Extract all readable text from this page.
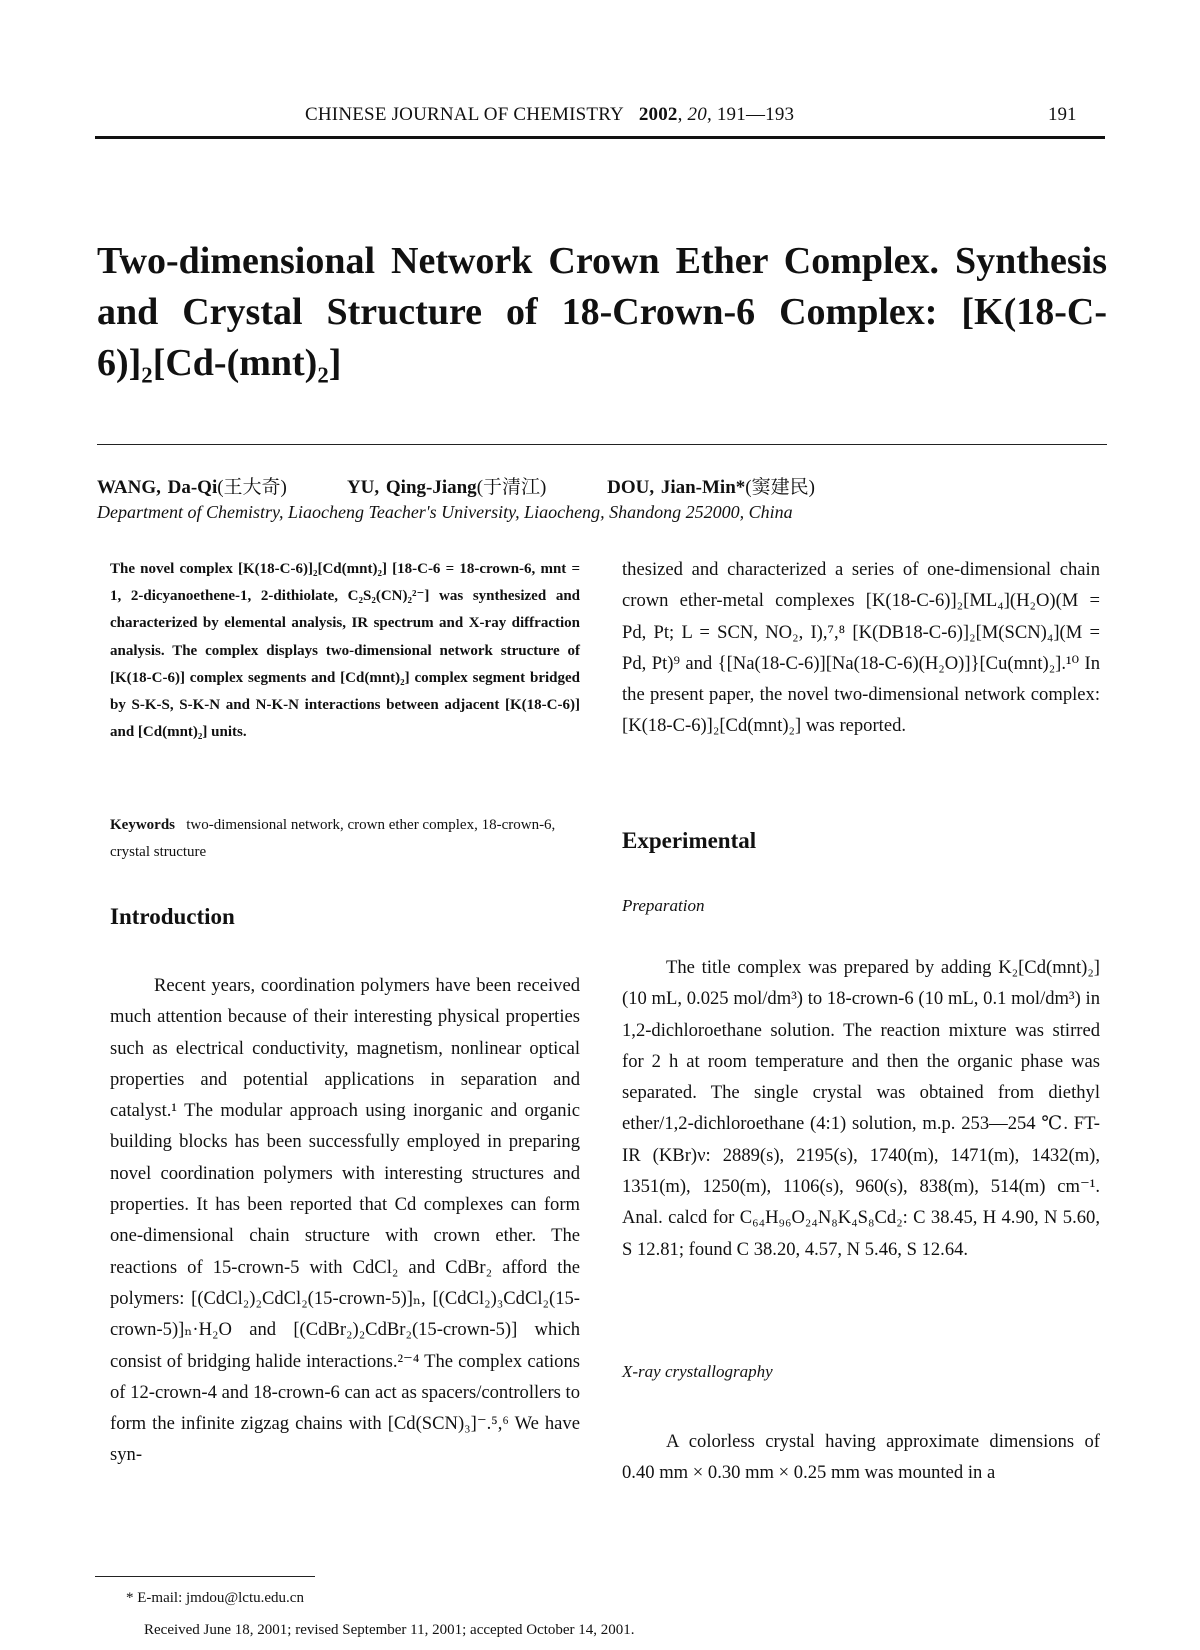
CHINESE JOURNAL OF CHEMISTRY 2002, 20, 191—193	191
Two-dimensional Network Crown Ether Complex. Synthesis and Crystal Structure of 18-Crown-6 Complex: [K(18-C-6)]₂[Cd-(mnt)₂]
WANG, Da-Qi(王大奇)	YU, Qing-Jiang(于清江)	DOU, Jian-Min*(窦建民)
Department of Chemistry, Liaocheng Teacher's University, Liaocheng, Shandong 252000, China
The novel complex [K(18-C-6)]₂[Cd(mnt)₂] [18-C-6 = 18-crown-6, mnt = 1, 2-dicyanoethene-1, 2-dithiolate, C₂S₂(CN)₂²⁻] was synthesized and characterized by elemental analysis, IR spectrum and X-ray diffraction analysis. The complex displays two-dimensional network structure of [K(18-C-6)] complex segments and [Cd(mnt)₂] complex segment bridged by S-K-S, S-K-N and N-K-N interactions between adjacent [K(18-C-6)] and [Cd(mnt)₂] units.
Keywords two-dimensional network, crown ether complex, 18-crown-6, crystal structure
Introduction
Recent years, coordination polymers have been received much attention because of their interesting physical properties such as electrical conductivity, magnetism, nonlinear optical properties and potential applications in separation and catalyst.¹ The modular approach using inorganic and organic building blocks has been successfully employed in preparing novel coordination polymers with interesting structures and properties. It has been reported that Cd complexes can form one-dimensional chain structure with crown ether. The reactions of 15-crown-5 with CdCl₂ and CdBr₂ afford the polymers: [(CdCl₂)₂CdCl₂(15-crown-5)]ₙ, [(CdCl₂)₃CdCl₂(15-crown-5)]ₙ·H₂O and [(CdBr₂)₂CdBr₂(15-crown-5)] which consist of bridging halide interactions.²⁻⁴ The complex cations of 12-crown-4 and 18-crown-6 can act as spacers/controllers to form the infinite zigzag chains with [Cd(SCN)₃]⁻.⁵,⁶ We have syn-
thesized and characterized a series of one-dimensional chain crown ether-metal complexes [K(18-C-6)]₂[ML₄](H₂O)(M = Pd, Pt; L = SCN, NO₂, I),⁷,⁸ [K(DB18-C-6)]₂[M(SCN)₄](M = Pd, Pt)⁹ and {[Na(18-C-6)][Na(18-C-6)(H₂O)]}[Cu(mnt)₂].¹⁰ In the present paper, the novel two-dimensional network complex: [K(18-C-6)]₂[Cd(mnt)₂] was reported.
Experimental
Preparation
The title complex was prepared by adding K₂[Cd(mnt)₂] (10 mL, 0.025 mol/dm³) to 18-crown-6 (10 mL, 0.1 mol/dm³) in 1,2-dichloroethane solution. The reaction mixture was stirred for 2 h at room temperature and then the organic phase was separated. The single crystal was obtained from diethyl ether/1,2-dichloroethane (4:1) solution, m.p. 253—254 ℃. FT-IR (KBr)ν: 2889(s), 2195(s), 1740(m), 1471(m), 1432(m), 1351(m), 1250(m), 1106(s), 960(s), 838(m), 514(m) cm⁻¹. Anal. calcd for C₆₄H₉₆O₂₄N₈K₄S₈Cd₂: C 38.45, H 4.90, N 5.60, S 12.81; found C 38.20, 4.57, N 5.46, S 12.64.
X-ray crystallography
A colorless crystal having approximate dimensions of 0.40 mm × 0.30 mm × 0.25 mm was mounted in a
* E-mail: jmdou@lctu.edu.cn
Received June 18, 2001; revised September 11, 2001; accepted October 14, 2001.
